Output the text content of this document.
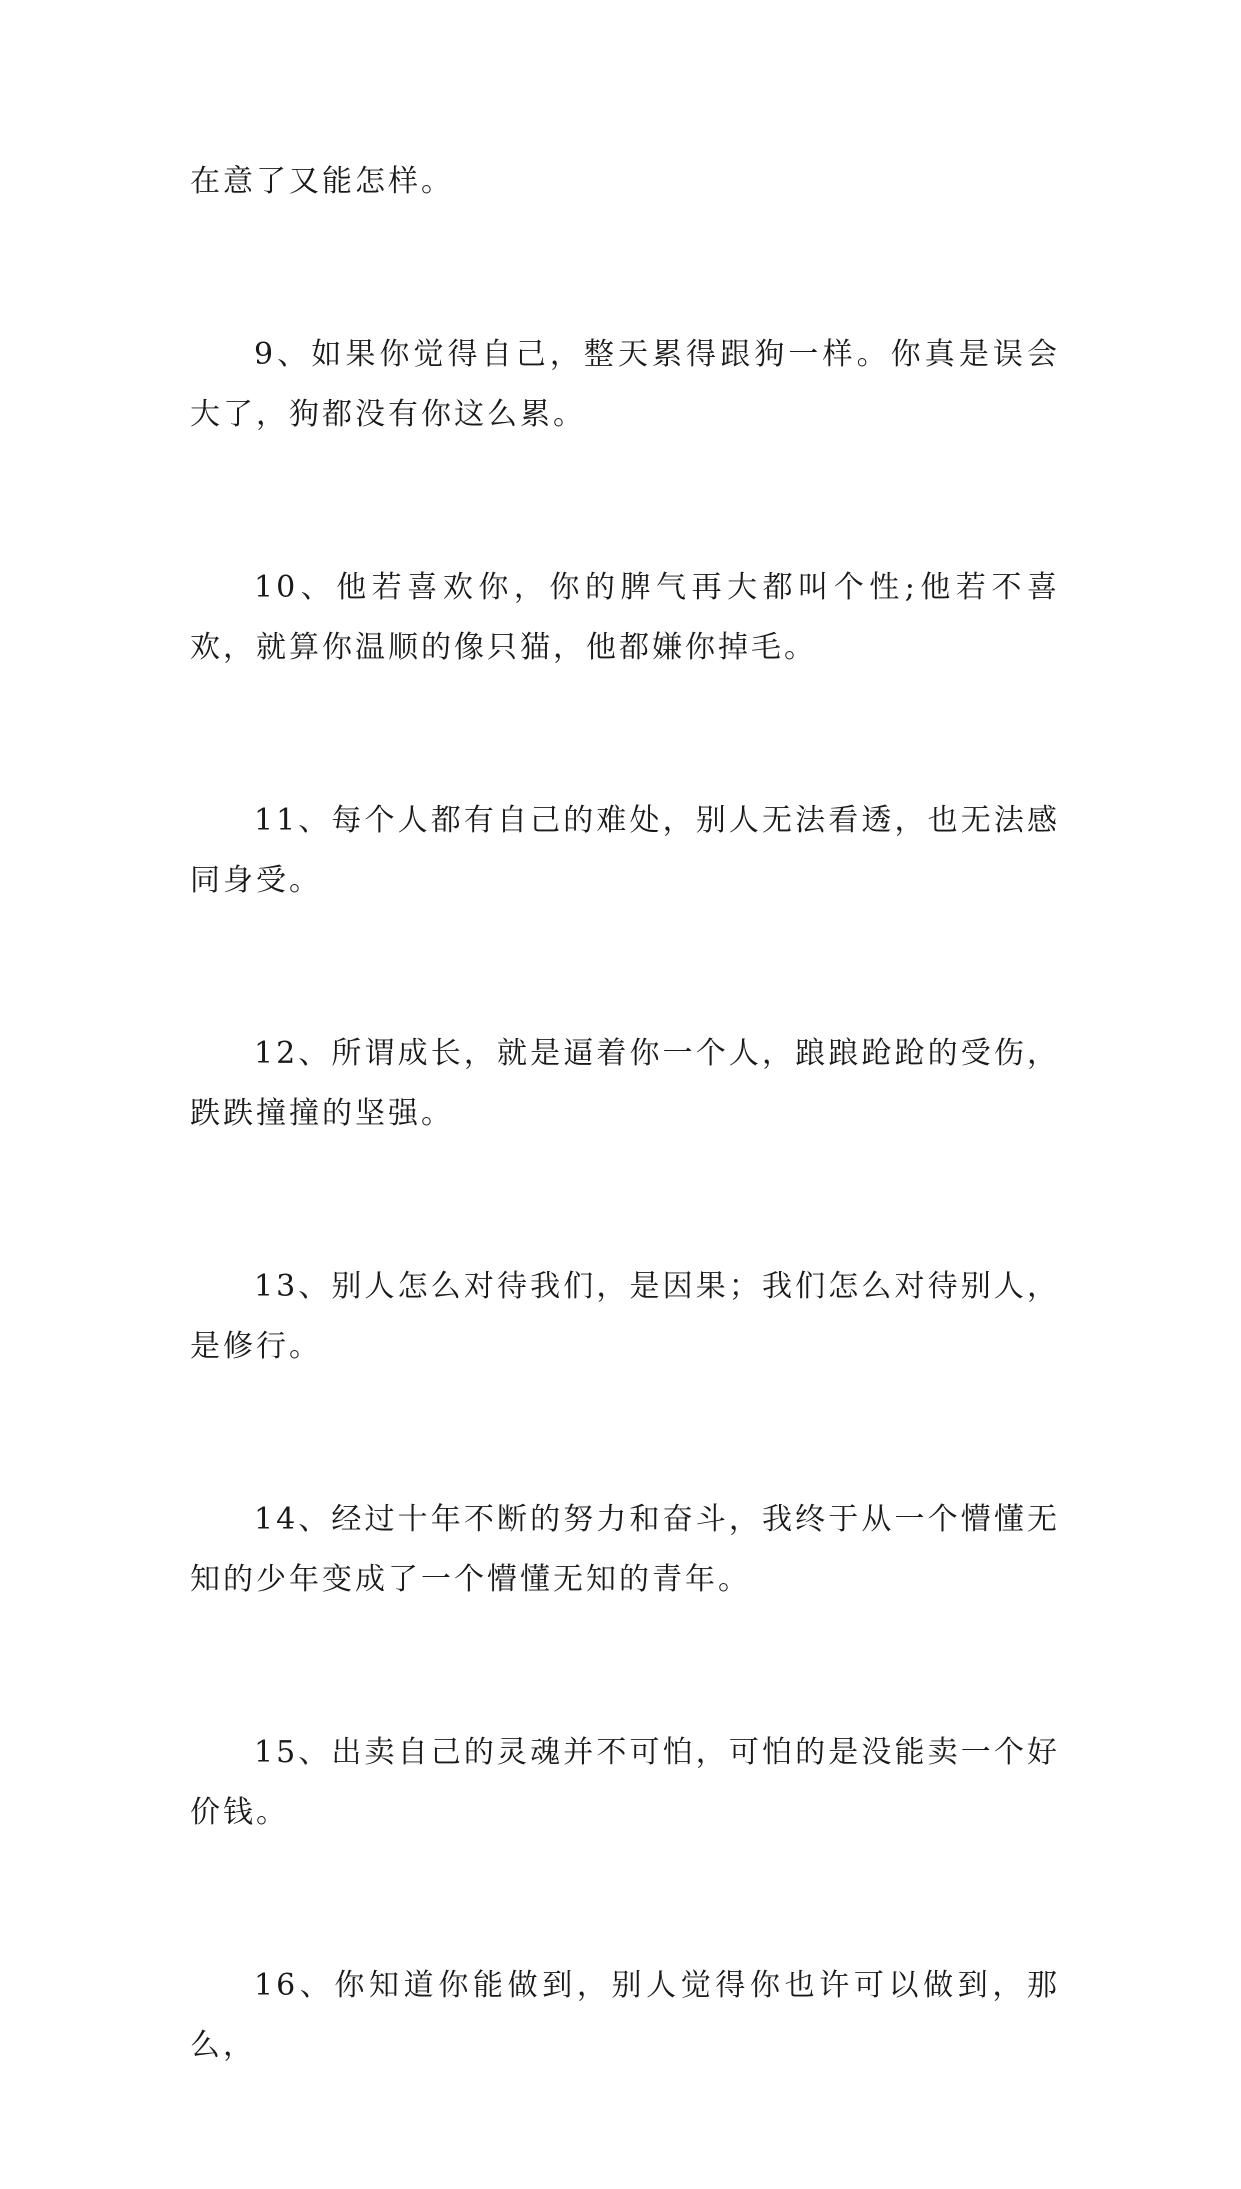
在意了又能怎样。

9、如果你觉得自己，整天累得跟狗一样。你真是误会大了，狗都没有你这么累。

10、他若喜欢你，你的脾气再大都叫个性;他若不喜欢，就算你温顺的像只猫，他都嫌你掉毛。

11、每个人都有自己的难处，别人无法看透，也无法感同身受。

12、所谓成长，就是逼着你一个人，踉踉跄跄的受伤，跌跌撞撞的坚强。

13、别人怎么对待我们，是因果；我们怎么对待别人，是修行。

14、经过十年不断的努力和奋斗，我终于从一个懵懂无知的少年变成了一个懵懂无知的青年。

15、出卖自己的灵魂并不可怕，可怕的是没能卖一个好价钱。

16、你知道你能做到，别人觉得你也许可以做到，那么，
